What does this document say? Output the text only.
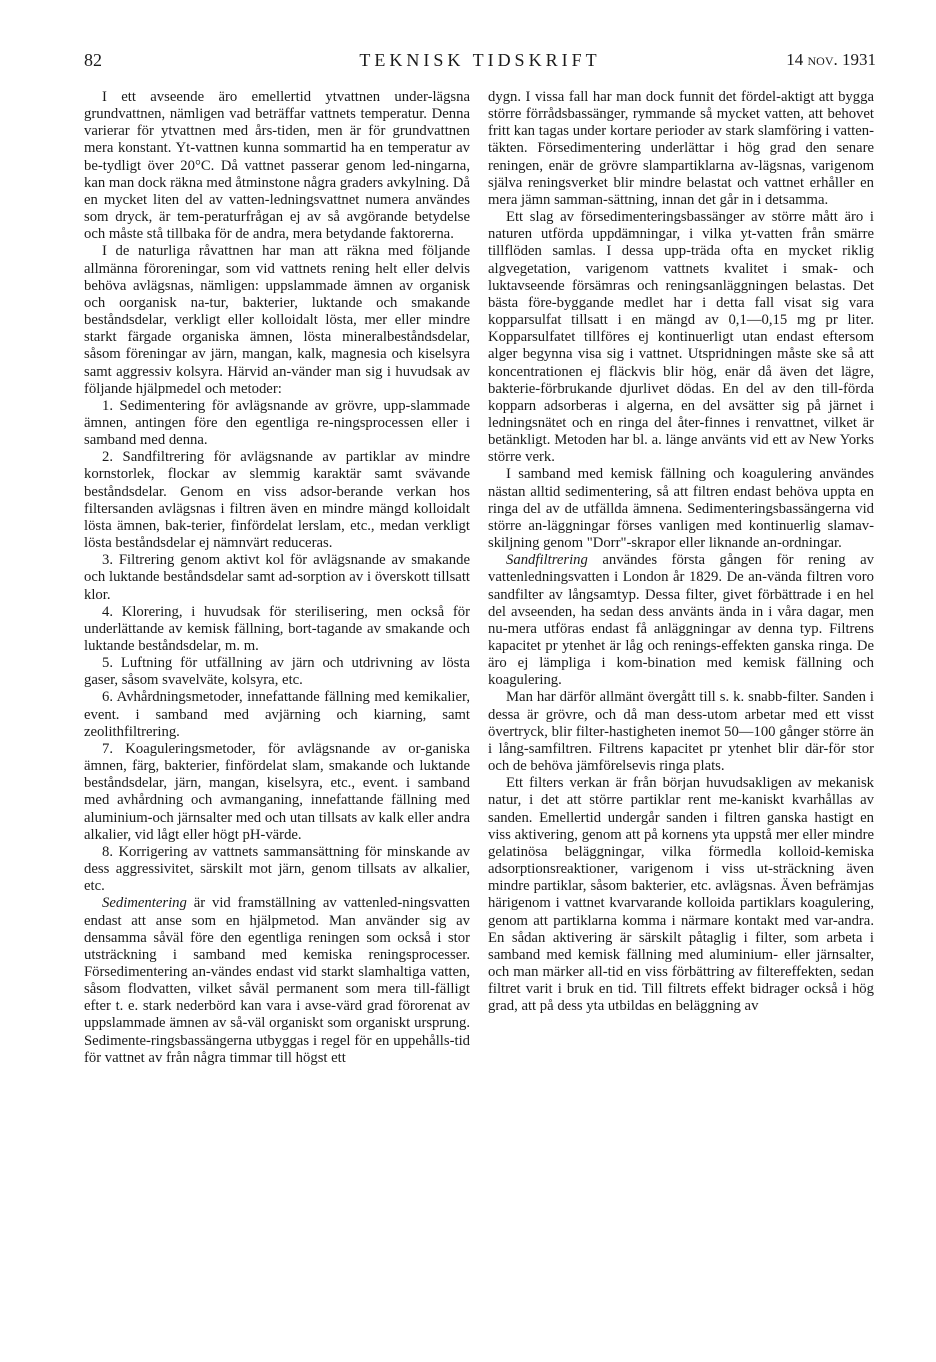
82	TEKNISK TIDSKRIFT	14 nov. 1931

I ett avseende äro emellertid ytvattnen under-lägsna grundvattnen, nämligen vad beträffar vattnets temperatur. Denna varierar för ytvattnen med års-tiden, men är för grundvattnen mera konstant. Yt-vattnen kunna sommartid ha en temperatur av be-tydligt över 20°C. Då vattnet passerar genom led-ningarna, kan man dock räkna med åtminstone några graders avkylning. Då en mycket liten del av vatten-ledningsvattnet numera användes som dryck, är tem-peraturfrågan ej av så avgörande betydelse och måste stå tillbaka för de andra, mera betydande faktorerna.

I de naturliga råvattnen har man att räkna med följande allmänna föroreningar, som vid vattnets rening helt eller delvis behöva avlägsnas, nämligen: uppslammade ämnen av organisk och oorganisk na-tur, bakterier, luktande och smakande beståndsdelar, verkligt eller kolloidalt lösta, mer eller mindre starkt färgade organiska ämnen, lösta mineralbeståndsdelar, såsom föreningar av järn, mangan, kalk, magnesia och kiselsyra samt aggressiv kolsyra. Härvid an-vänder man sig i huvudsak av följande hjälpmedel och metoder:

1. Sedimentering för avlägsnande av grövre, upp-slammade ämnen, antingen före den egentliga re-ningsprocessen eller i samband med denna.

2. Sandfiltrering för avlägsnande av partiklar av mindre kornstorlek, flockar av slemmig karaktär samt svävande beståndsdelar. Genom en viss adsor-berande verkan hos filtersanden avlägsnas i filtren även en mindre mängd kolloidalt lösta ämnen, bak-terier, finfördelat lerslam, etc., medan verkligt lösta beståndsdelar ej nämnvärt reduceras.

3. Filtrering genom aktivt kol för avlägsnande av smakande och luktande beståndsdelar samt ad-sorption av i överskott tillsatt klor.

4. Klorering, i huvudsak för sterilisering, men också för underlättande av kemisk fällning, bort-tagande av smakande och luktande beståndsdelar, m. m.

5. Luftning för utfällning av järn och utdrivning av lösta gaser, såsom svavelväte, kolsyra, etc.

6. Avhårdningsmetoder, innefattande fällning med kemikalier, event. i samband med avjärning och kiarning, samt zeolithfiltrering.

7. Koaguleringsmetoder, för avlägsnande av or-ganiska ämnen, färg, bakterier, finfördelat slam, smakande och luktande beståndsdelar, järn, mangan, kiselsyra, etc., event. i samband med avhårdning och avmanganing, innefattande fällning med aluminium-och järnsalter med och utan tillsats av kalk eller andra alkalier, vid lågt eller högt pH-värde.

8. Korrigering av vattnets sammansättning för minskande av dess aggressivitet, särskilt mot järn, genom tillsats av alkalier, etc.

Sedimentering är vid framställning av vattenled-ningsvatten endast att anse som en hjälpmetod. Man använder sig av densamma såväl före den egentliga reningen som också i stor utsträckning i samband med kemiska reningsprocesser. Försedimentering an-vändes endast vid starkt slamhaltiga vatten, såsom flodvatten, vilket såväl permanent som mera till-fälligt efter t. e. stark nederbörd kan vara i avse-värd grad förorenat av uppslammade ämnen av så-väl organiskt som organiskt ursprung. Sedimente-ringsbassängerna utbyggas i regel för en uppehålls-tid för vattnet av från några timmar till högst ett

dygn. I vissa fall har man dock funnit det fördel-aktigt att bygga större förrådsbassänger, rymmande så mycket vatten, att behovet fritt kan tagas under kortare perioder av stark slamföring i vatten-täkten. Försedimentering underlättar i hög grad den senare reningen, enär de grövre slampartiklarna av-lägsnas, varigenom själva reningsverket blir mindre belastat och vattnet erhåller en mera jämn samman-sättning, innan det går in i detsamma.

Ett slag av försedimenteringsbassänger av större mått äro i naturen utförda uppdämningar, i vilka yt-vatten från smärre tillflöden samlas. I dessa upp-träda ofta en mycket riklig algvegetation, varigenom vattnets kvalitet i smak- och luktavseende försämras och reningsanläggningen belastas. Det bästa före-byggande medlet har i detta fall visat sig vara kopparsulfat tillsatt i en mängd av 0,1—0,15 mg pr liter. Kopparsulfatet tillföres ej kontinuerligt utan endast eftersom alger begynna visa sig i vattnet. Utspridningen måste ske så att koncentrationen ej fläckvis blir hög, enär då även det lägre, bakterie-förbrukande djurlivet dödas. En del av den till-förda kopparn adsorberas i algerna, en del avsätter sig på järnet i ledningsnätet och en ringa del åter-finnes i renvattnet, vilket är betänkligt. Metoden har bl. a. länge använts vid ett av New Yorks större verk.

I samband med kemisk fällning och koagulering användes nästan alltid sedimentering, så att filtren endast behöva uppta en ringa del av de utfällda ämnena. Sedimenteringsbassängerna vid större an-läggningar förses vanligen med kontinuerlig slamav-skiljning genom "Dorr"-skrapor eller liknande an-ordningar.

Sandfiltrering användes första gången för rening av vattenledningsvatten i London år 1829. De an-vända filtren voro sandfilter av långsamtyp. Dessa filter, givet förbättrade i en hel del avseenden, ha sedan dess använts ända in i våra dagar, men nu-mera utföras endast få anläggningar av denna typ. Filtrens kapacitet pr ytenhet är låg och renings-effekten ganska ringa. De äro ej lämpliga i kom-bination med kemisk fällning och koagulering.

Man har därför allmänt övergått till s. k. snabb-filter. Sanden i dessa är grövre, och då man dess-utom arbetar med ett visst övertryck, blir filter-hastigheten inemot 50—100 gånger större än i lång-samfiltren. Filtrens kapacitet pr ytenhet blir där-för stor och de behöva jämförelsevis ringa plats.

Ett filters verkan är från början huvudsakligen av mekanisk natur, i det att större partiklar rent me-kaniskt kvarhållas av sanden. Emellertid undergår sanden i filtren ganska hastigt en viss aktivering, genom att på kornens yta uppstå mer eller mindre gelatinösa beläggningar, vilka förmedla kolloid-kemiska adsorptionsreaktioner, varigenom i viss ut-sträckning även mindre partiklar, såsom bakterier, etc. avlägsnas. Även befrämjas härigenom i vattnet kvarvarande kolloida partiklars koagulering, genom att partiklarna komma i närmare kontakt med var-andra. En sådan aktivering är särskilt påtaglig i filter, som arbeta i samband med kemisk fällning med aluminium- eller järnsalter, och man märker all-tid en viss förbättring av filtereffekten, sedan filtret varit i bruk en tid. Till filtrets effekt bidrager också i hög grad, att på dess yta utbildas en beläggning av
